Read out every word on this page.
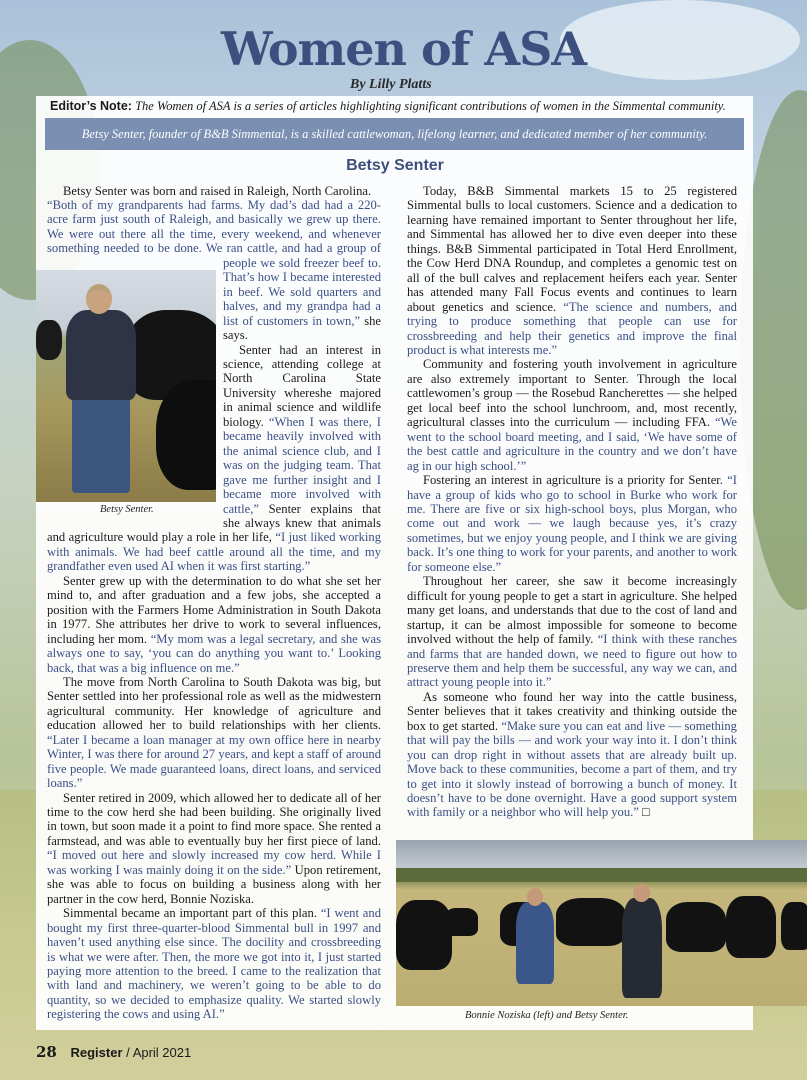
Women of ASA
By Lilly Platts
Editor’s Note: The Women of ASA is a series of articles highlighting significant contributions of women in the Simmental community.
Betsy Senter, founder of B&B Simmental, is a skilled cattlewoman, lifelong learner, and dedicated member of her community.
Betsy Senter
Betsy Senter.

Betsy Senter was born and raised in Raleigh, North Carolina.	Today, B&B Simmental markets 15 to 25 registered Simmental bulls to local customers. Science and a dedication to learning have remained important to Senter throughout her life, and Simmental has allowed her to dive even deeper into these things. B&B Simmental participated in Total Herd Enrollment, the Cow Herd DNA Roundup, and completes a genomic test on all of the bull calves and replacement heifers each year. Senter has attended many Fall Focus events and continues to learn about genetics and science. “The science and numbers, and trying to produce something that people can use for crossbreeding and help their genetics and improve the final product is what interests me.”

Community and fostering youth involvement in agriculture are also extremely important to Senter. Through the local cattlewomen’s group — the Rosebud Rancherettes — she helped get local beef into the school lunchroom, and, most recently, agricultural classes into the curriculum — including FFA. “We went to the school board meeting, and I said, ‘We have some of the best cattle and agriculture in the country and we don’t have ag in our high school.’”

Fostering an interest in agriculture is a priority for Senter. “I have a group of kids who go to school in Burke who work for me. There are five or six high-school boys, plus Morgan, who come out and work — we laugh because yes, it’s crazy sometimes, but we enjoy young people, and I think we are giving back. It’s one thing to work for your parents, and another to work for someone else.”

Throughout her career, she saw it become increasingly difficult for young people to get a start in agriculture. She helped many get loans, and understands that due to the cost of land and startup, it can be almost impossible for someone to become involved without the help of family. “I think with these ranches and farms that are handed down, we need to figure out how to preserve them and help them be successful, any way we can, and attract young people into it.”

As someone who found her way into the cattle business, Senter believes that it takes creativity and thinking outside the box to get started. “Make sure you can eat and live — something that will pay the bills — and work your way into it. I don’t think you can drop right in without assets that are already built up. Move back to these communities, become a part of them, and try to get into it slowly instead of borrowing a bunch of money. It doesn’t have to be done overnight. Have a good support system with family or a neighbor who will help you.” □

Bonnie Noziska (left) and Betsy Senter.
28 Register / April 2021
“Both of my grandparents had farms. My dad’s dad had a 220-acre farm just south of Raleigh, and basically we grew up there. We were out there all the time, every weekend, and whenever something needed to be done. We ran cattle, and had a group of people we sold freezer beef to. That’s how I became interested in beef. We sold quarters and halves, and my grandpa had a list of customers in town,” she says.

Senter had an interest in science, attending college at North Carolina State University whereshe majored in animal science and wildlife biology. “When I was there, I became heavily involved with the animal science club, and I was on the judging team. That gave me further insight and I became more involved with cattle,” Senter explains that she always knew that animals and agriculture would play a role in her life, “I just liked working with animals. We had beef cattle around all the time, and my grandfather even used AI when it was first starting.”

Senter grew up with the determination to do what she set her mind to, and after graduation and a few jobs, she accepted a position with the Farmers Home Administration in South Dakota in 1977. She attributes her drive to work to several influences, including her mom. “My mom was a legal secretary, and she was always one to say, ‘you can do anything you want to.’ Looking back, that was a big influence on me.”

The move from North Carolina to South Dakota was big, but Senter settled into her professional role as well as the midwestern agricultural community. Her knowledge of agriculture and education allowed her to build relationships with her clients. “Later I became a loan manager at my own office here in nearby Winter, I was there for around 27 years, and kept a staff of around five people. We made guaranteed loans, direct loans, and serviced loans.”

Senter retired in 2009, which allowed her to dedicate all of her time to the cow herd she had been building. She originally lived in town, but soon made it a point to find more space. She rented a farmstead, and was able to eventually buy her first piece of land. “I moved out here and slowly increased my cow herd. While I was working I was mainly doing it on the side.” Upon retirement, she was able to focus on building a business along with her partner in the cow herd, Bonnie Noziska.

Simmental became an important part of this plan. “I went and bought my first three-quarter-blood Simmental bull in 1997 and haven’t used anything else since. The docility and crossbreeding is what we were after. Then, the more we got into it, I just started paying more attention to the breed. I came to the realization that with land and machinery, we weren’t going to be able to do quantity, so we decided to emphasize quality. We started slowly registering the cows and using AI.”
